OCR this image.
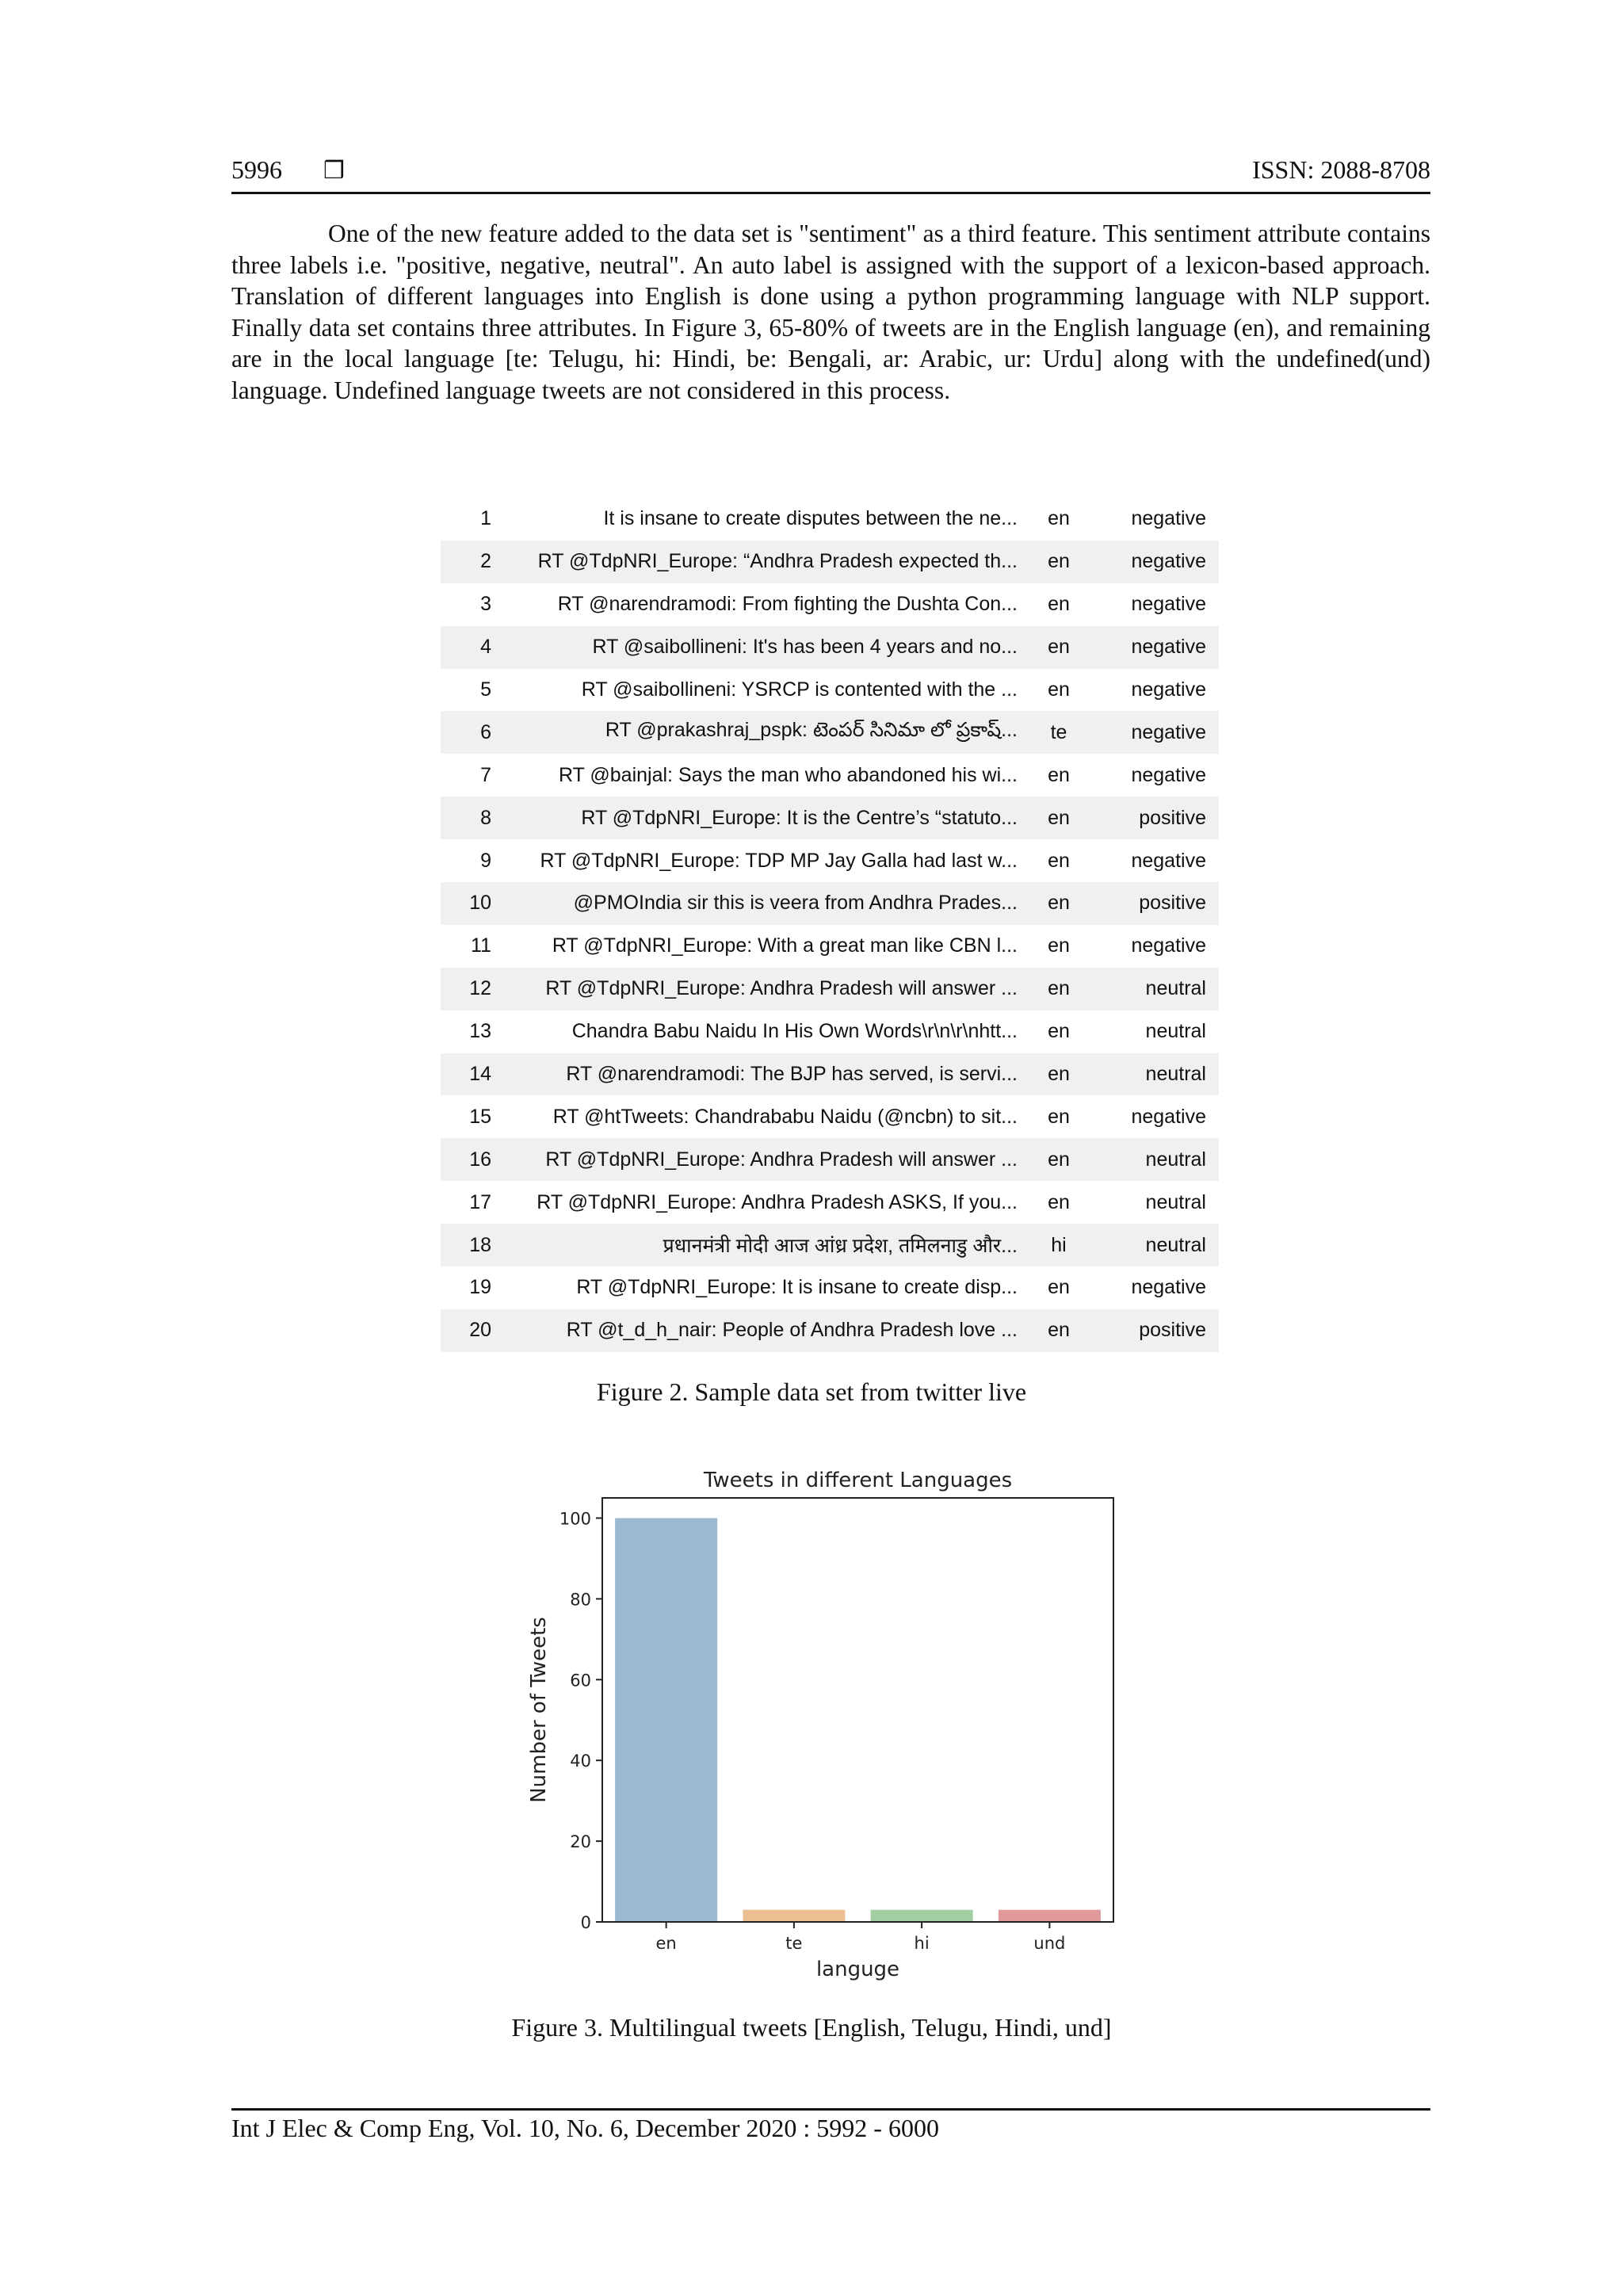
5996 ❒	ISSN: 2088-8708

One of the new feature added to the data set is "sentiment" as a third feature. This sentiment attribute contains three labels i.e. "positive, negative, neutral". An auto label is assigned with the support of a lexicon-based approach. Translation of different languages into English is done using a python programming language with NLP support. Finally data set contains three attributes. In Figure 3, 65-80% of tweets are in the English language (en), and remaining are in the local language [te: Telugu, hi: Hindi, be: Bengali, ar: Arabic, ur: Urdu] along with the undefined(und) language. Undefined language tweets are not considered in this process.

1	It is insane to create disputes between the ne...	en	negative
2	RT @TdpNRI_Europe: “Andhra Pradesh expected th...	en	negative
3	RT @narendramodi: From fighting the Dushta Con...	en	negative
4	RT @saibollineni: It's has been 4 years and no...	en	negative
5	RT @saibollineni: YSRCP is contented with the ...	en	negative
6	RT @prakashraj_pspk: టెంపర్ సినిమా లో ప్రకాష్...	te	negative
7	RT @bainjal: Says the man who abandoned his wi...	en	negative
8	RT @TdpNRI_Europe: It is the Centre’s “statuto...	en	positive
9	RT @TdpNRI_Europe: TDP MP Jay Galla had last w...	en	negative
10	@PMOIndia sir this is veera from Andhra Prades...	en	positive
11	RT @TdpNRI_Europe: With a great man like CBN l...	en	negative
12	RT @TdpNRI_Europe: Andhra Pradesh will answer ...	en	neutral
13	Chandra Babu Naidu In His Own Words\r\n\r\nhtt...	en	neutral
14	RT @narendramodi: The BJP has served, is servi...	en	neutral
15	RT @htTweets: Chandrababu Naidu (@ncbn) to sit...	en	negative
16	RT @TdpNRI_Europe: Andhra Pradesh will answer ...	en	neutral
17	RT @TdpNRI_Europe: Andhra Pradesh ASKS, If you...	en	neutral
18	प्रधानमंत्री मोदी आज आंध्र प्रदेश, तमिलनाडु और...	hi	neutral
19	RT @TdpNRI_Europe: It is insane to create disp...	en	negative
20	RT @t_d_h_nair: People of Andhra Pradesh love ...	en	positive
Figure 2. Sample data set from twitter live
Tweets in different Languages
0
20
40
60
80
100
en	te	hi	und
languge
Number of Tweets
Figure 3. Multilingual tweets [English, Telugu, Hindi, und]
Int J Elec & Comp Eng, Vol. 10, No. 6, December 2020 : 5992 - 6000
